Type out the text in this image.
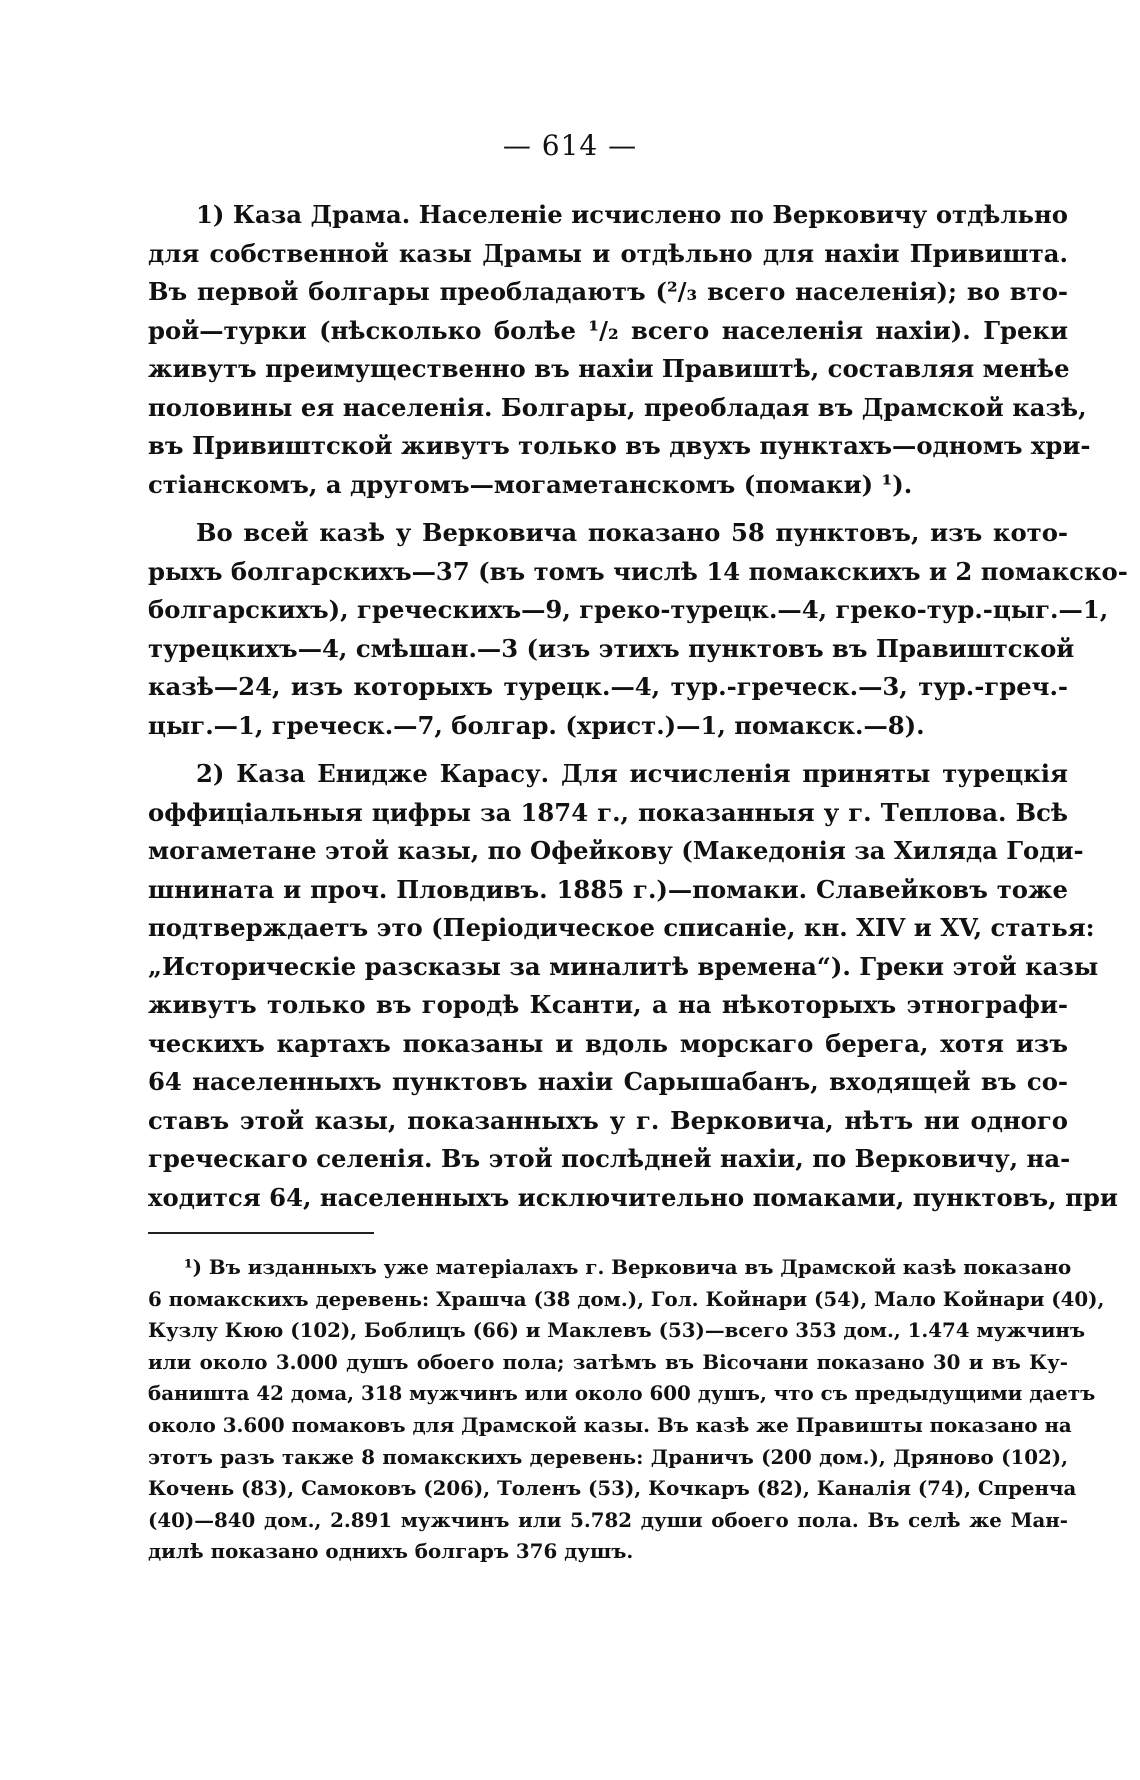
— 614 —

1) Каза Драма. Населеніе исчислено по Верковичу отдѣльно
для собственной казы Драмы и отдѣльно для нахіи Привишта.
Въ первой болгары преобладаютъ (²/₃ всего населенія); во вто-
рой—турки (нѣсколько болѣе ¹/₂ всего населенія нахіи). Греки
живутъ преимущественно въ нахіи Правиштѣ, составляя менѣе
половины ея населенія. Болгары, преобладая въ Драмской казѣ,
въ Привиштской живутъ только въ двухъ пунктахъ—одномъ хри-
стіанскомъ, а другомъ—могаметанскомъ (помаки) ¹).

Во всей казѣ у Верковича показано 58 пунктовъ, изъ кото-
рыхъ болгарскихъ—37 (въ томъ числѣ 14 помакскихъ и 2 помакско-
болгарскихъ), греческихъ—9, греко-турецк.—4, греко-тур.-цыг.—1,
турецкихъ—4, смѣшан.—3 (изъ этихъ пунктовъ въ Правиштской
казѣ—24, изъ которыхъ турецк.—4, тур.-греческ.—3, тур.-греч.-
цыг.—1, греческ.—7, болгар. (христ.)—1, помакск.—8).

2) Каза Енидже Карасу. Для исчисленія приняты турецкія
оффиціальныя цифры за 1874 г., показанныя у г. Теплова. Всѣ
могаметане этой казы, по Офейкову (Македонія за Хиляда Годи-
шнината и проч. Пловдивъ. 1885 г.)—помаки. Славейковъ тоже
подтверждаетъ это (Періодическое списаніе, кн. XIV и XV, статья:
„Историческіе разсказы за миналитѣ времена“). Греки этой казы
живутъ только въ городѣ Ксанти, а на нѣкоторыхъ этнографи-
ческихъ картахъ показаны и вдоль морскаго берега, хотя изъ
64 населенныхъ пунктовъ нахіи Сарышабанъ, входящей въ со-
ставъ этой казы, показанныхъ у г. Верковича, нѣтъ ни одного
греческаго селенія. Въ этой послѣдней нахіи, по Верковичу, на-
ходится 64, населенныхъ исключительно помаками, пунктовъ, при

¹) Въ изданныхъ уже матеріалахъ г. Верковича въ Драмской казѣ показано
6 помакскихъ деревень: Храшча (38 дом.), Гол. Койнари (54), Мало Койнари (40),
Кузлу Кюю (102), Боблицъ (66) и Маклевъ (53)—всего 353 дом., 1.474 мужчинъ
или около 3.000 душъ обоего пола; затѣмъ въ Вісочани показано 30 и въ Ку-
баништа 42 дома, 318 мужчинъ или около 600 душъ, что съ предыдущими даетъ
около 3.600 помаковъ для Драмской казы. Въ казѣ же Правишты показано на
этотъ разъ также 8 помакскихъ деревень: Драничъ (200 дом.), Дряново (102),
Кочень (83), Самоковъ (206), Толенъ (53), Кочкаръ (82), Каналія (74), Спренча
(40)—840 дом., 2.891 мужчинъ или 5.782 души обоего пола. Въ селѣ же Ман-
дилѣ показано однихъ болгаръ 376 душъ.
